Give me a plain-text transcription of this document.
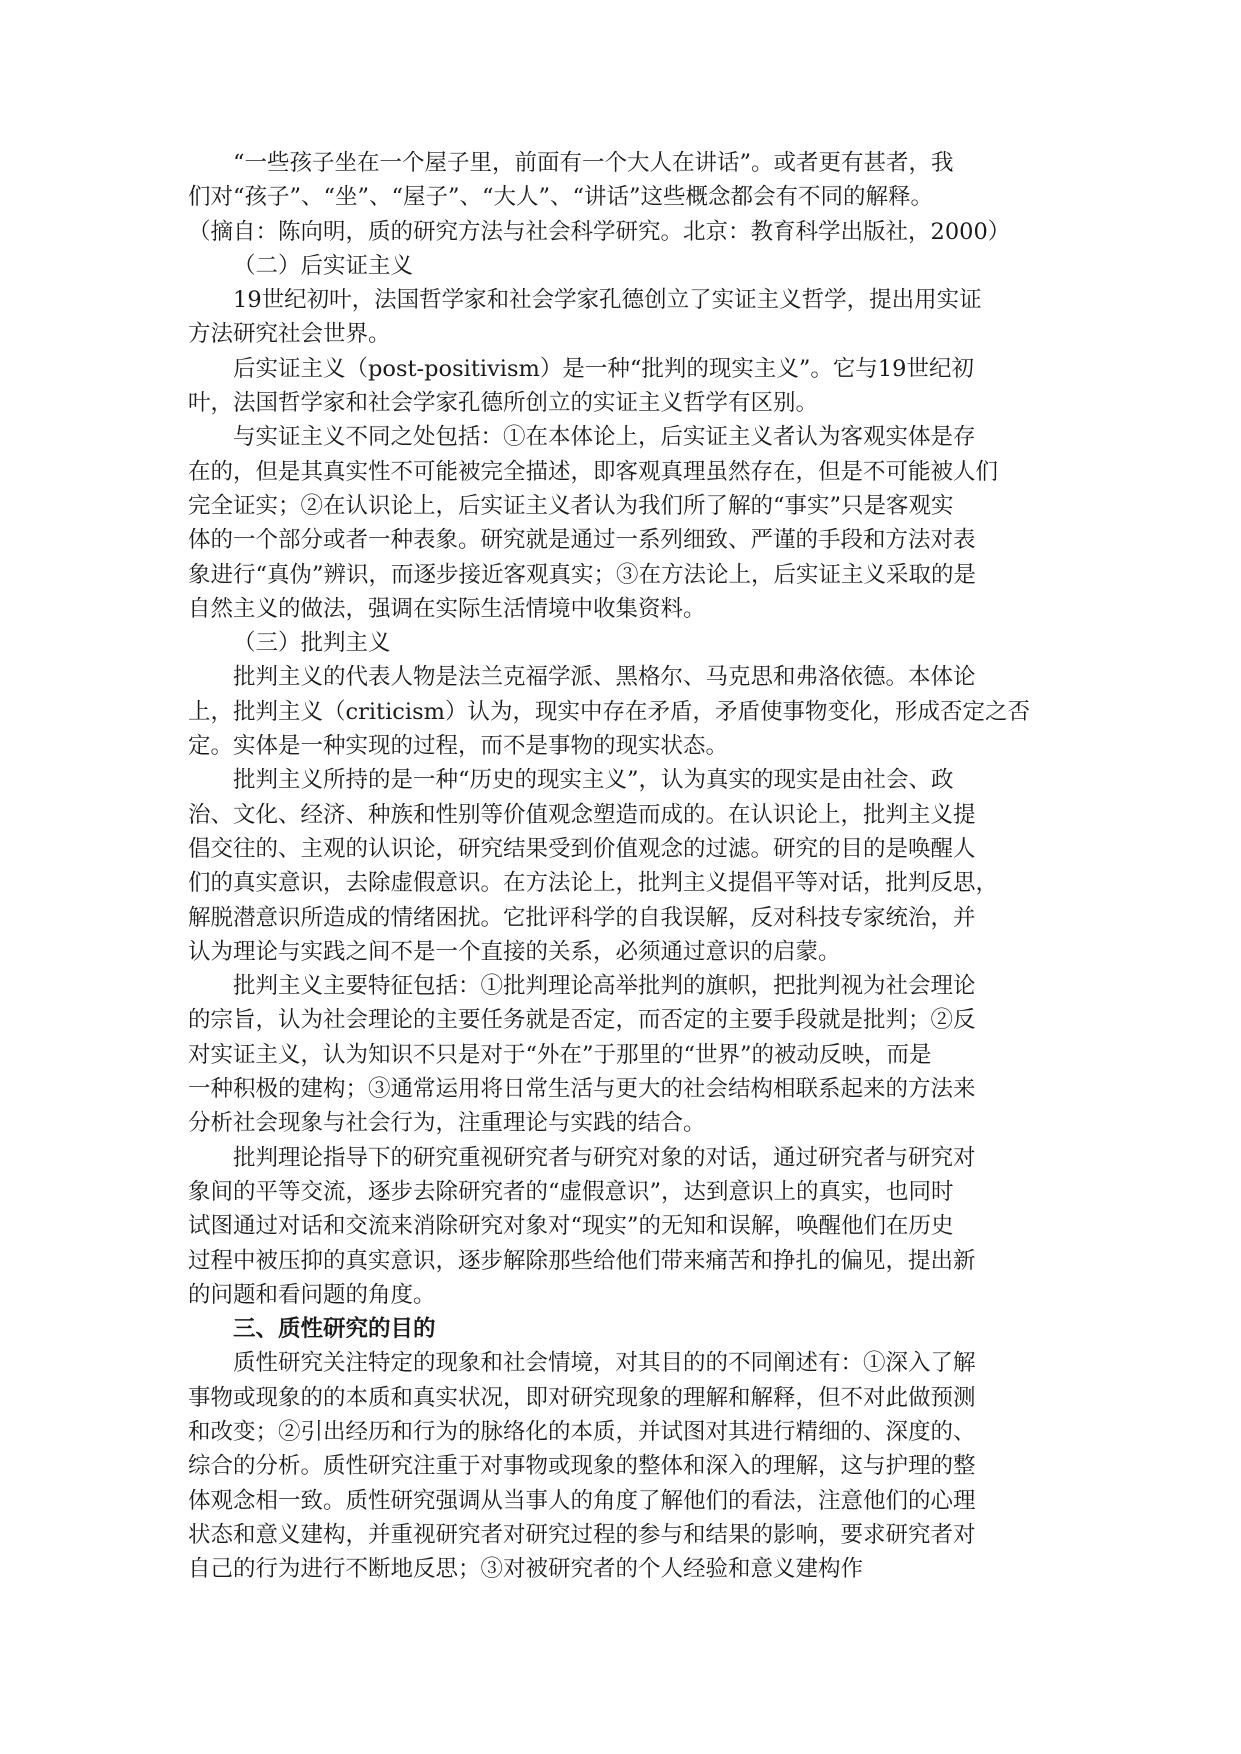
“一些孩子坐在一个屋子里，前面有一个大人在讲话”。或者更有甚者，我
们对“孩子”、“坐”、“屋子”、“大人”、“讲话”这些概念都会有不同的解释。
（摘自：陈向明，质的研究方法与社会科学研究。北京：教育科学出版社，2000）
（二）后实证主义
19世纪初叶，法国哲学家和社会学家孔德创立了实证主义哲学，提出用实证
方法研究社会世界。
后实证主义（post-positivism）是一种“批判的现实主义”。它与19世纪初
叶，法国哲学家和社会学家孔德所创立的实证主义哲学有区别。
与实证主义不同之处包括：①在本体论上，后实证主义者认为客观实体是存
在的，但是其真实性不可能被完全描述，即客观真理虽然存在，但是不可能被人们
完全证实；②在认识论上，后实证主义者认为我们所了解的“事实”只是客观实
体的一个部分或者一种表象。研究就是通过一系列细致、严谨的手段和方法对表
象进行“真伪”辨识，而逐步接近客观真实；③在方法论上，后实证主义采取的是
自然主义的做法，强调在实际生活情境中收集资料。
（三）批判主义
批判主义的代表人物是法兰克福学派、黑格尔、马克思和弗洛依德。本体论
上，批判主义（criticism）认为，现实中存在矛盾，矛盾使事物变化，形成否定之否
定。实体是一种实现的过程，而不是事物的现实状态。
批判主义所持的是一种“历史的现实主义”，认为真实的现实是由社会、政
治、文化、经济、种族和性别等价值观念塑造而成的。在认识论上，批判主义提
倡交往的、主观的认识论，研究结果受到价值观念的过滤。研究的目的是唤醒人
们的真实意识，去除虚假意识。在方法论上，批判主义提倡平等对话，批判反思，
解脱潜意识所造成的情绪困扰。它批评科学的自我误解，反对科技专家统治，并
认为理论与实践之间不是一个直接的关系，必须通过意识的启蒙。
批判主义主要特征包括：①批判理论高举批判的旗帜，把批判视为社会理论
的宗旨，认为社会理论的主要任务就是否定，而否定的主要手段就是批判；②反
对实证主义，认为知识不只是对于“外在”于那里的“世界”的被动反映，而是
一种积极的建构；③通常运用将日常生活与更大的社会结构相联系起来的方法来
分析社会现象与社会行为，注重理论与实践的结合。
批判理论指导下的研究重视研究者与研究对象的对话，通过研究者与研究对
象间的平等交流，逐步去除研究者的“虚假意识”，达到意识上的真实，也同时
试图通过对话和交流来消除研究对象对“现实”的无知和误解，唤醒他们在历史
过程中被压抑的真实意识，逐步解除那些给他们带来痛苦和挣扎的偏见，提出新
的问题和看问题的角度。
三、质性研究的目的
质性研究关注特定的现象和社会情境，对其目的的不同阐述有：①深入了解
事物或现象的的本质和真实状况，即对研究现象的理解和解释，但不对此做预测
和改变；②引出经历和行为的脉络化的本质，并试图对其进行精细的、深度的、
综合的分析。质性研究注重于对事物或现象的整体和深入的理解，这与护理的整
体观念相一致。质性研究强调从当事人的角度了解他们的看法，注意他们的心理
状态和意义建构，并重视研究者对研究过程的参与和结果的影响，要求研究者对
自己的行为进行不断地反思；③对被研究者的个人经验和意义建构作
